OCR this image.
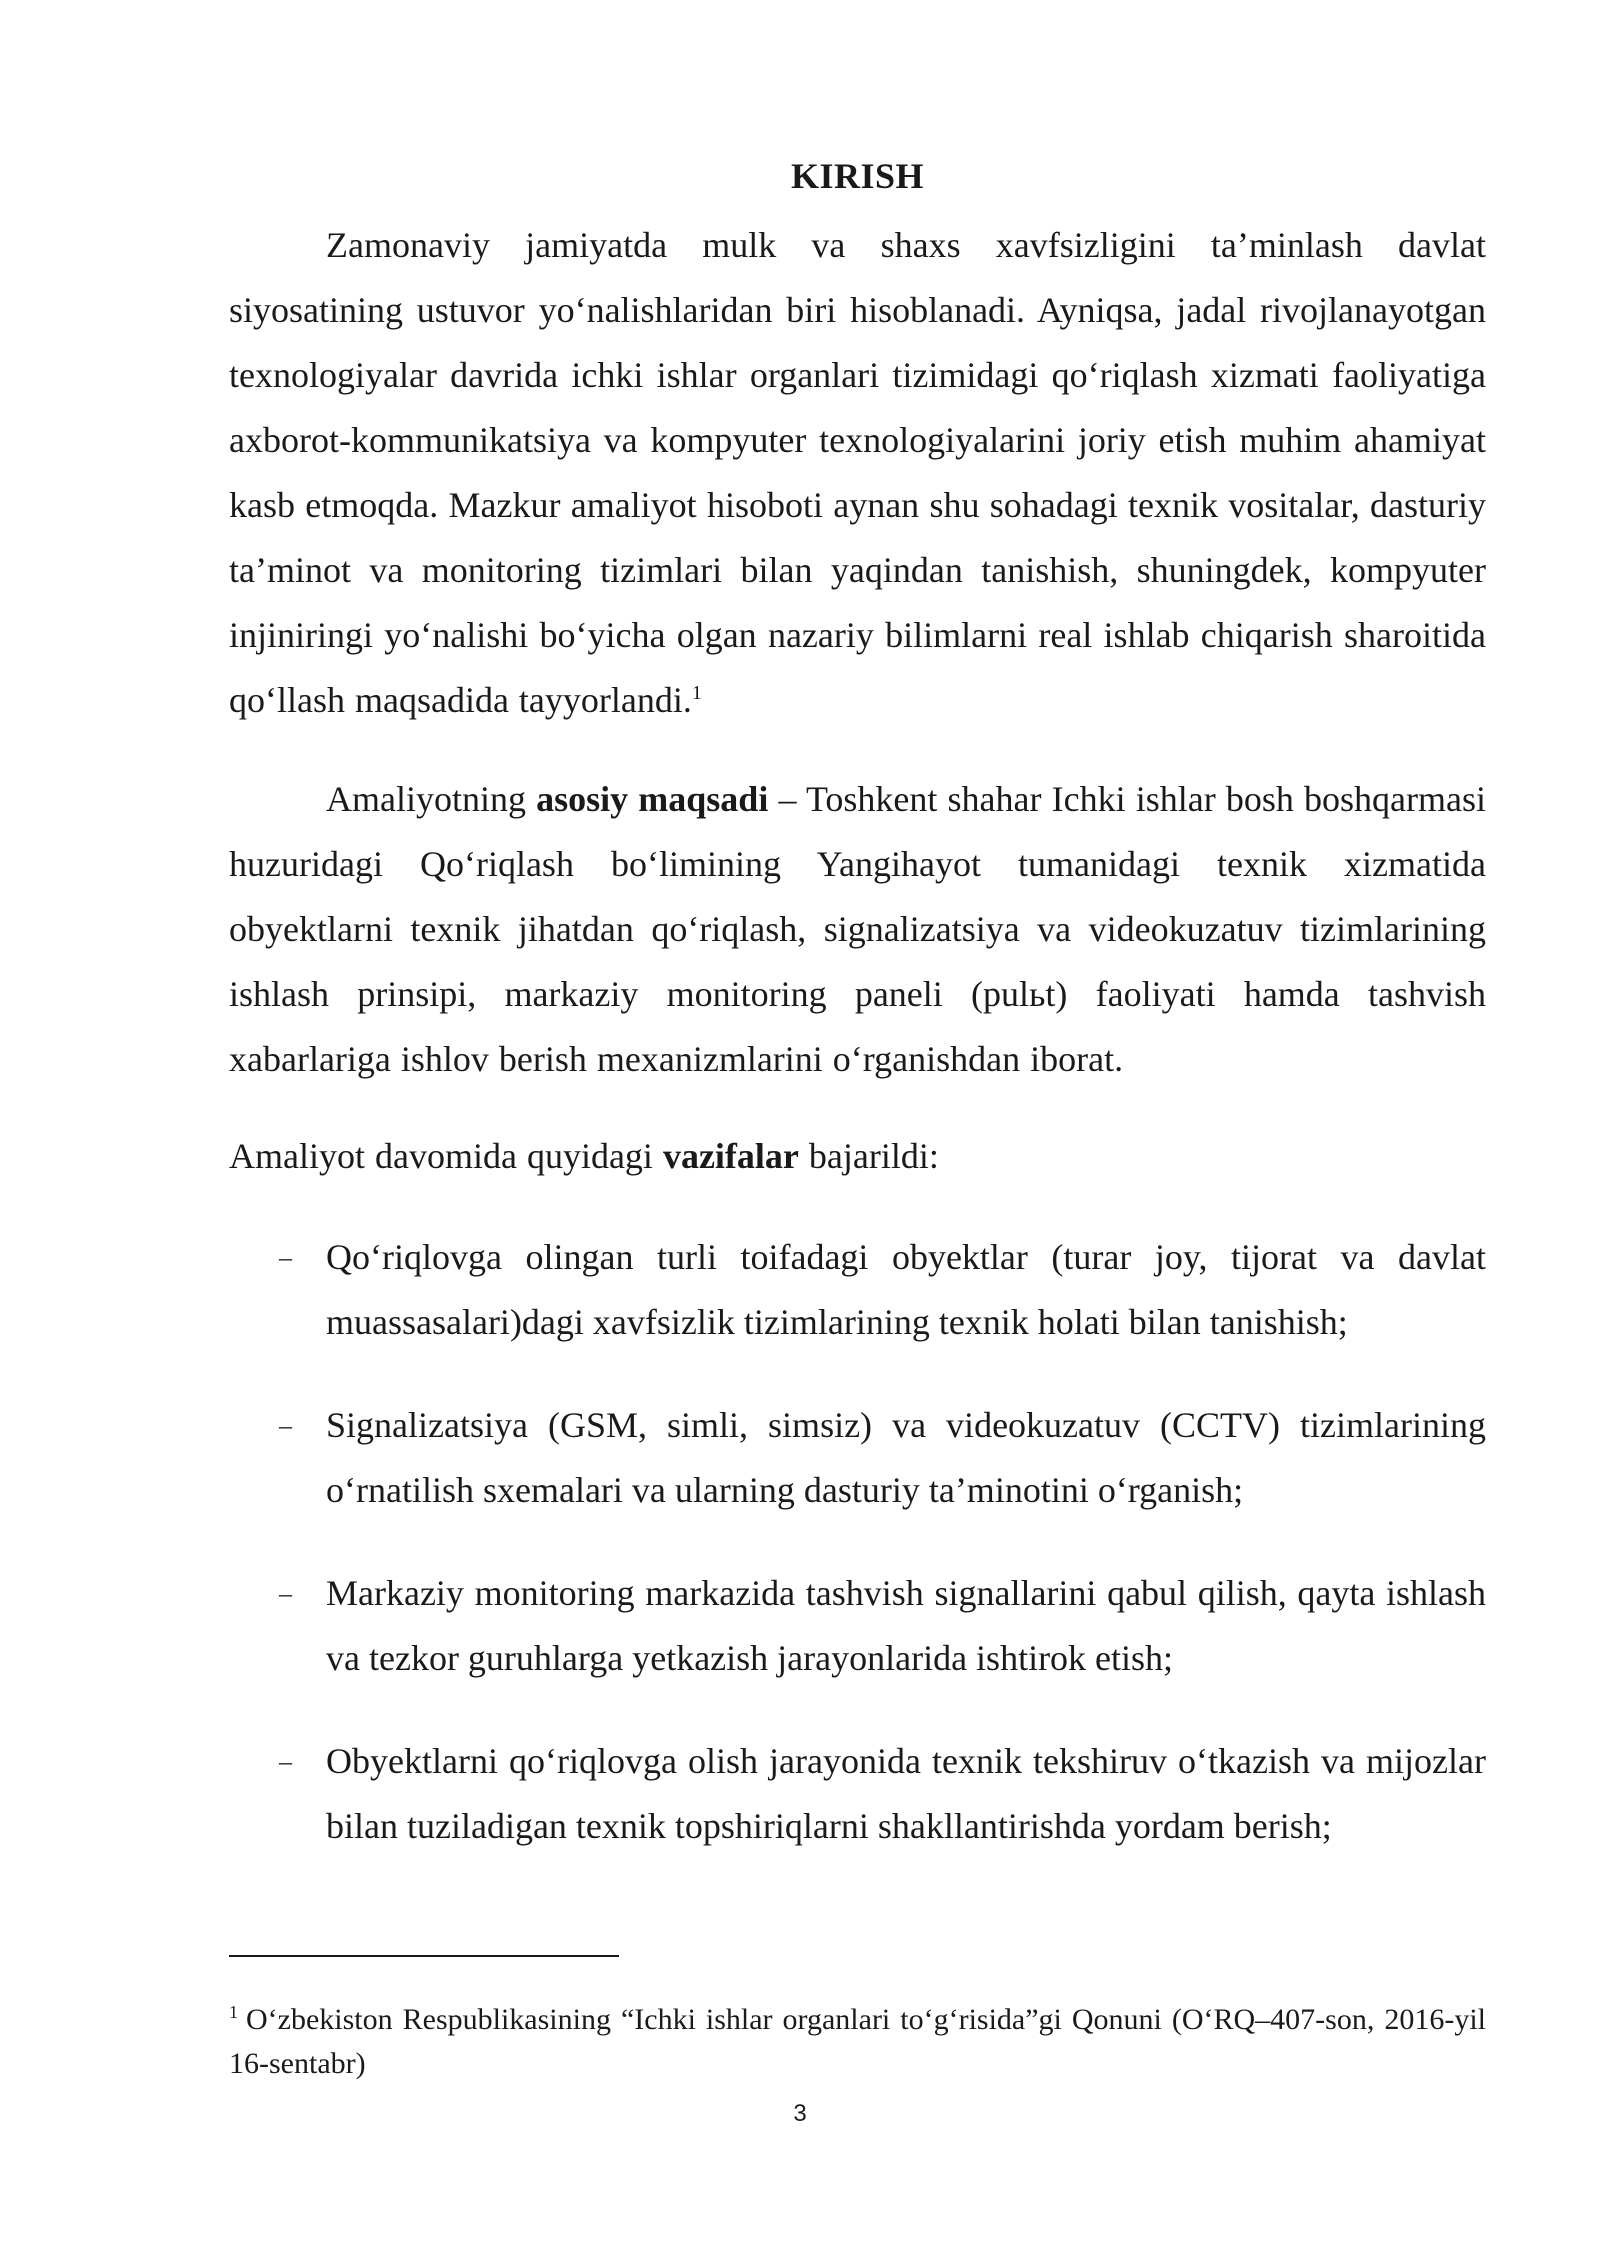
KIRISH

Zamonaviy jamiyatda mulk va shaxs xavfsizligini ta’minlash davlat siyosatining ustuvor yo‘nalishlaridan biri hisoblanadi. Ayniqsa, jadal rivojlanayotgan texnologiyalar davrida ichki ishlar organlari tizimidagi qo‘riqlash xizmati faoliyatiga axborot-kommunikatsiya va kompyuter texnologiyalarini joriy etish muhim ahamiyat kasb etmoqda. Mazkur amaliyot hisoboti aynan shu sohadagi texnik vositalar, dasturiy ta’minot va monitoring tizimlari bilan yaqindan tanishish, shuningdek, kompyuter injiniringi yo‘nalishi bo‘yicha olgan nazariy bilimlarni real ishlab chiqarish sharoitida qo‘llash maqsadida tayyorlandi.$^1$

Amaliyotning asosiy maqsadi – Toshkent shahar Ichki ishlar bosh boshqarmasi huzuridagi Qo‘riqlash bo‘limining Yangihayot tumanidagi texnik xizmatida obyektlarni texnik jihatdan qo‘riqlash, signalizatsiya va videokuzatuv tizimlarining ishlash prinsipi, markaziy monitoring paneli (pulьt) faoliyati hamda tashvish xabarlariga ishlov berish mexanizmlarini o‘rganishdan iborat.

Amaliyot davomida quyidagi vazifalar bajarildi:

– Qo‘riqlovga olingan turli toifadagi obyektlar (turar joy, tijorat va davlat muassasalari)dagi xavfsizlik tizimlarining texnik holati bilan tanishish;
– Signalizatsiya (GSM, simli, simsiz) va videokuzatuv (CCTV) tizimlarining o‘rnatilish sxemalari va ularning dasturiy ta’minotini o‘rganish;
– Markaziy monitoring markazida tashvish signallarini qabul qilish, qayta ishlash va tezkor guruhlarga yetkazish jarayonlarida ishtirok etish;
– Obyektlarni qo‘riqlovga olish jarayonida texnik tekshiruv o‘tkazish va mijozlar bilan tuziladigan texnik topshiriqlarni shakllantirishda yordam berish;
$^1$ O‘zbekiston Respublikasining “Ichki ishlar organlari to‘g‘risida”gi Qonuni (O‘RQ–407-son, 2016-yil 16-sentabr)
3
